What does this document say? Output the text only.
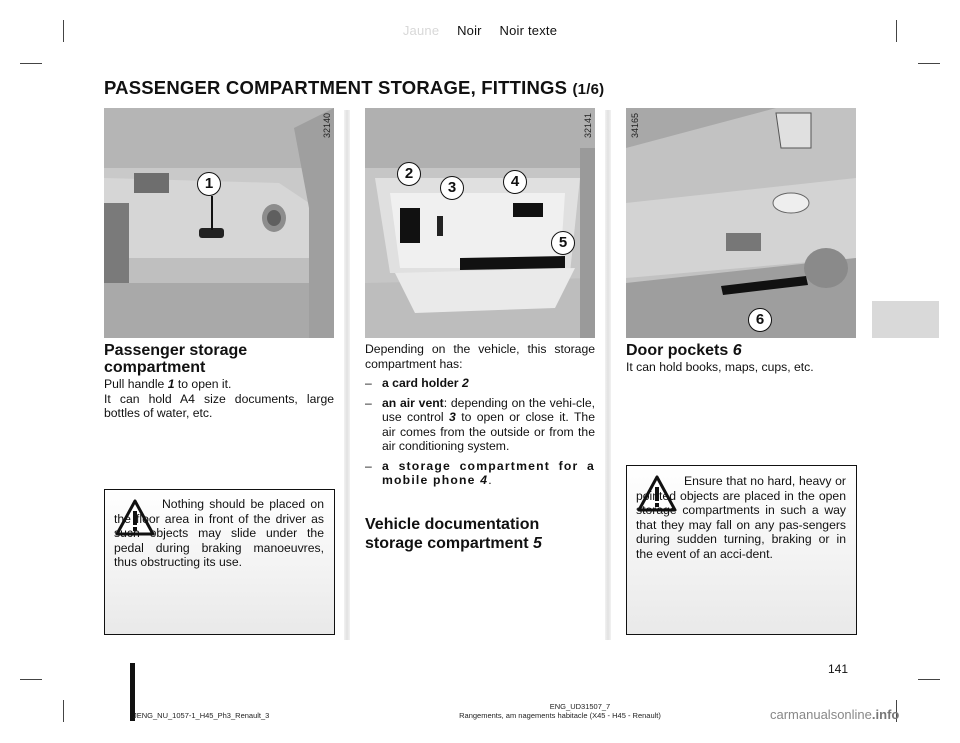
Jaune Noir Noir texte
PASSENGER COMPARTMENT STORAGE, FITTINGS (1/6)
32140
1
32141
2
3	4
5
34165
6
Passenger storage compartment

Pull handle 1 to open it.

It can hold A4 size documents, large bottles of water, etc.

Nothing should be placed on the floor area in front of the driver as such objects may slide under the pedal during braking manoeuvres, thus obstructing its use.

Depending on the vehicle, this storage compartment has:

– a card holder 2
– an air vent: depending on the vehi-cle, use control 3 to open or close it. The air comes from the outside or from the air conditioning system.
– a storage compartment for a mobile phone 4.
Vehicle documentation storage compartment 5
Door pockets 6
It can hold books, maps, cups, etc.
Ensure that no hard, heavy or pointed objects are placed in the open storage compartments in such a way that they may fall on any pas-sengers during sudden turning, braking or in the event of an acci-dent.
141
JENG_NU_1057-1_H45_Ph3_Renault_3
ENG_UD31507_7
Rangements, am nagements habitacle (X45 - H45 - Renault)	carmanualsonline.info
